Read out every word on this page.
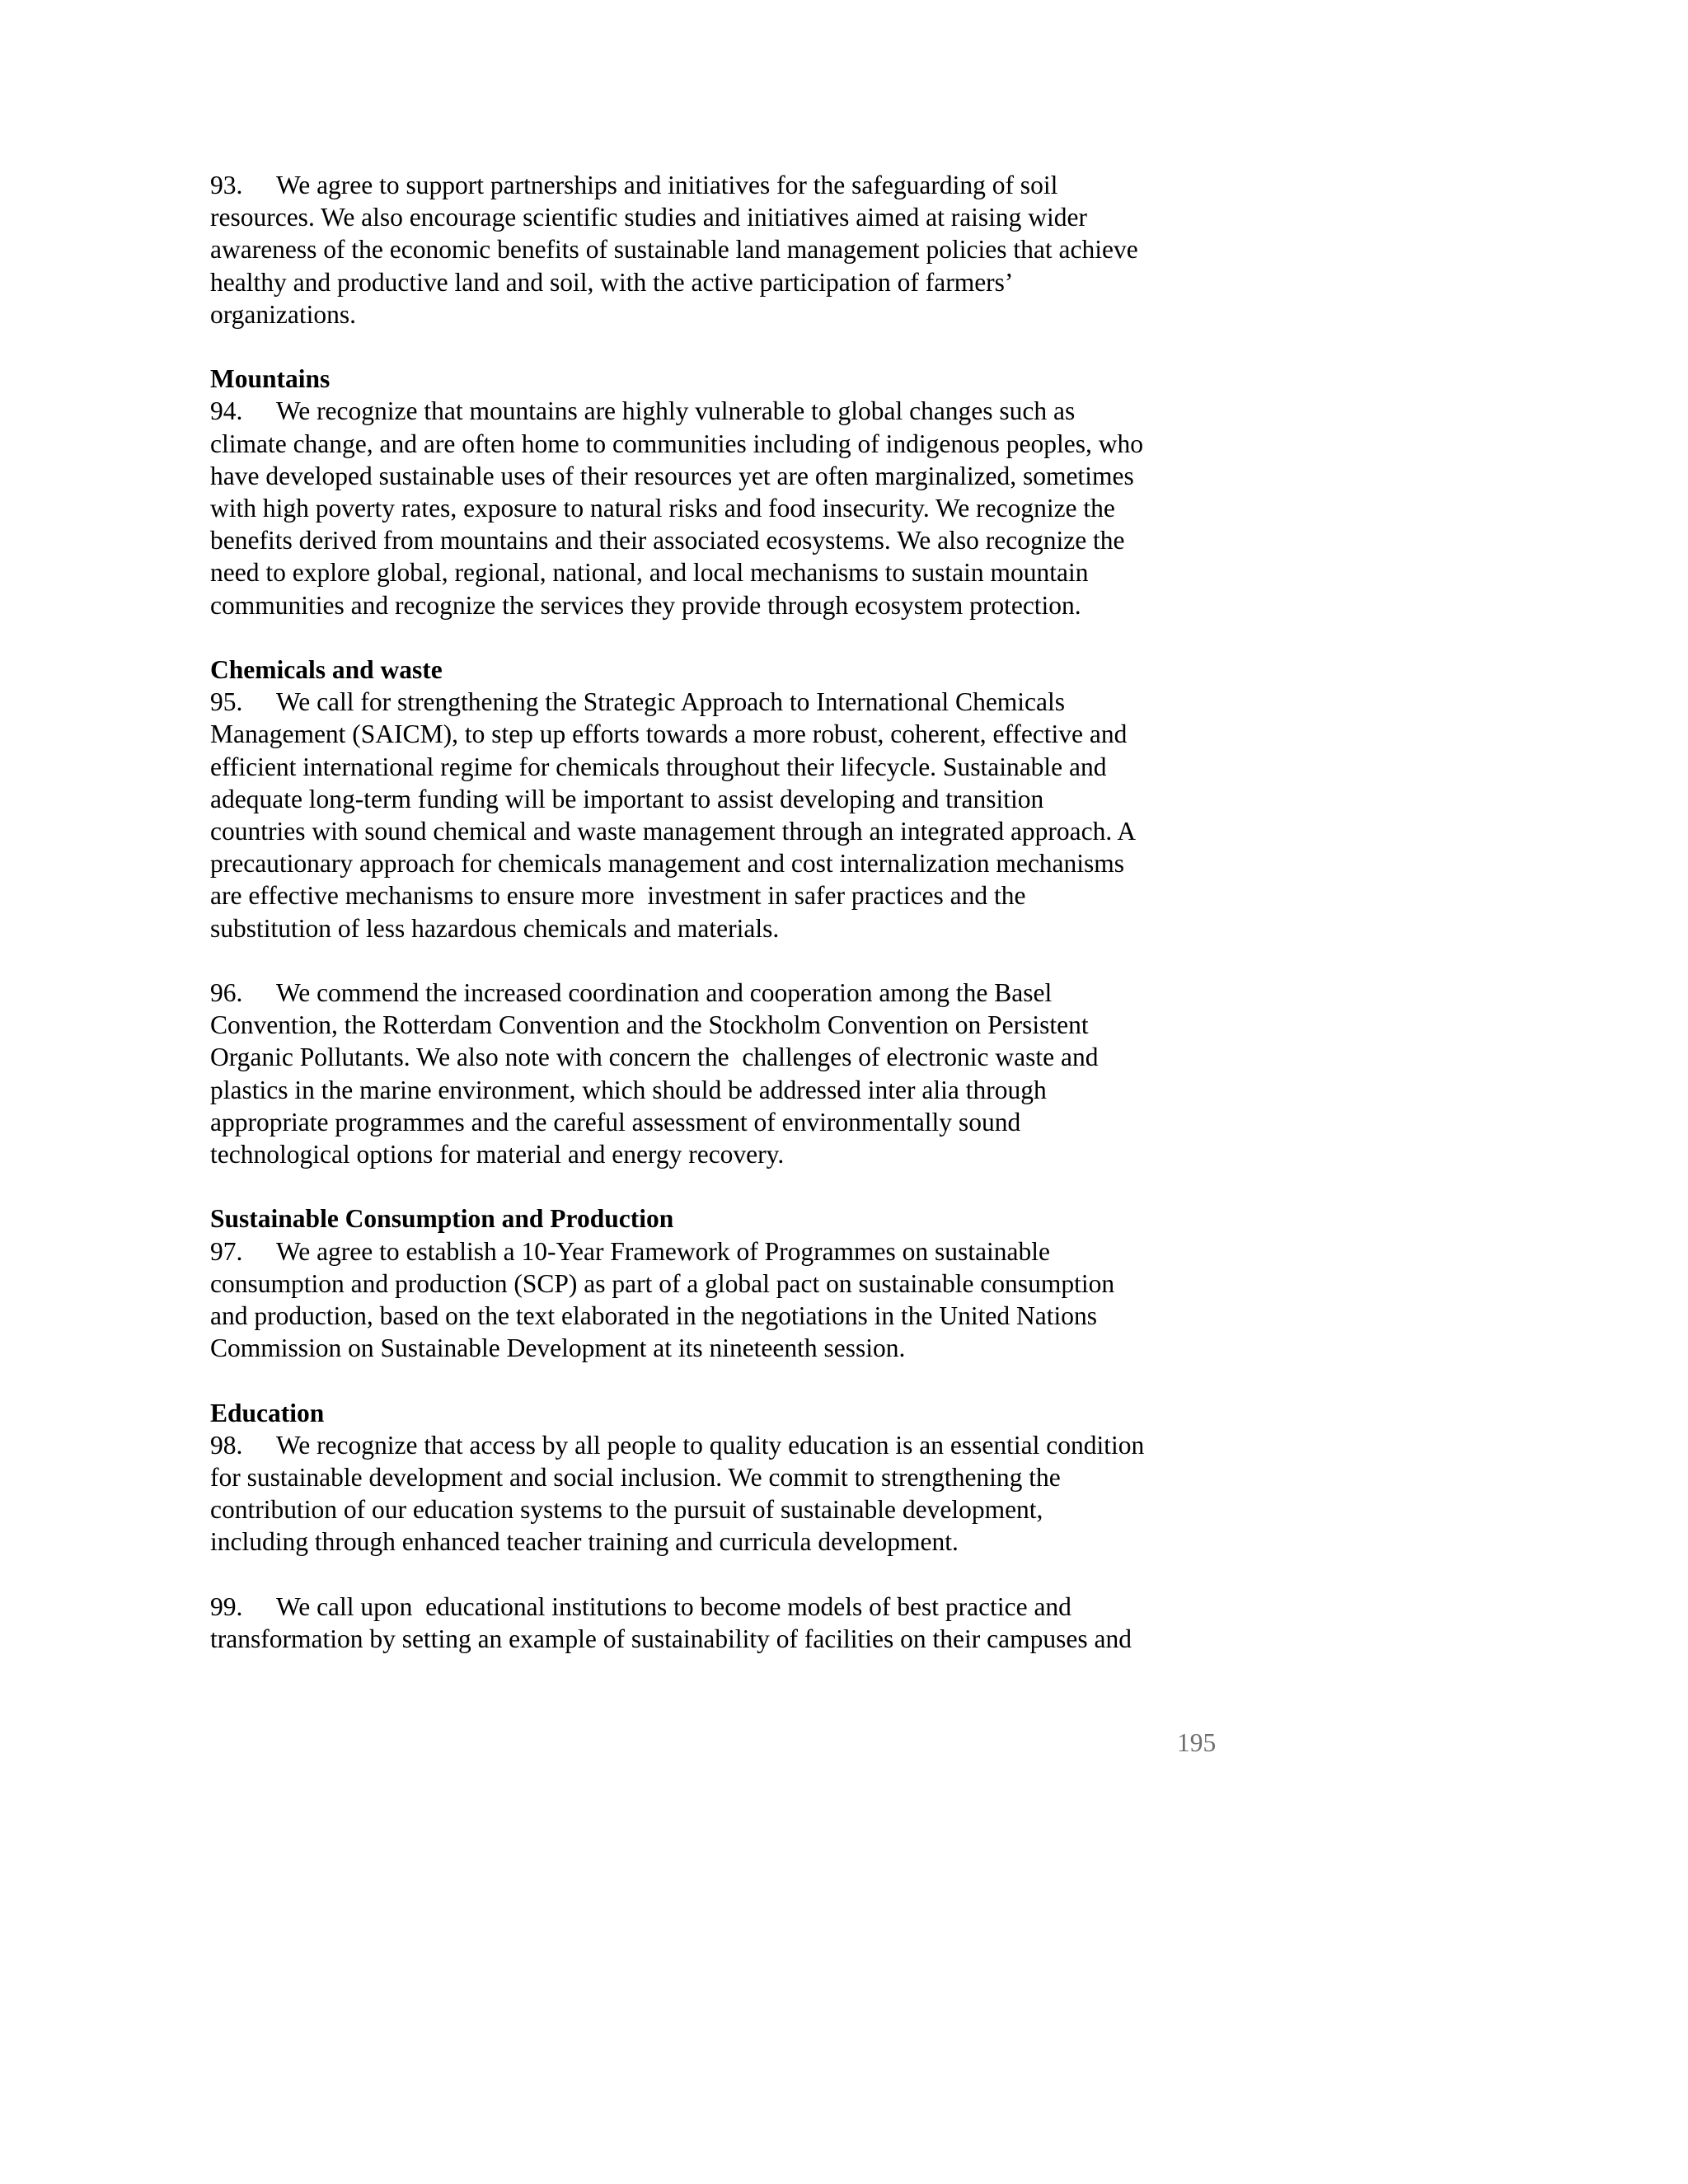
93. We agree to support partnerships and initiatives for the safeguarding of soil
resources. We also encourage scientific studies and initiatives aimed at raising wider
awareness of the economic benefits of sustainable land management policies that achieve
healthy and productive land and soil, with the active participation of farmers’
organizations.
Mountains
94. We recognize that mountains are highly vulnerable to global changes such as
climate change, and are often home to communities including of indigenous peoples, who
have developed sustainable uses of their resources yet are often marginalized, sometimes
with high poverty rates, exposure to natural risks and food insecurity. We recognize the
benefits derived from mountains and their associated ecosystems. We also recognize the
need to explore global, regional, national, and local mechanisms to sustain mountain
communities and recognize the services they provide through ecosystem protection.
Chemicals and waste
95. We call for strengthening the Strategic Approach to International Chemicals
Management (SAICM), to step up efforts towards a more robust, coherent, effective and
efficient international regime for chemicals throughout their lifecycle. Sustainable and
adequate long-term funding will be important to assist developing and transition
countries with sound chemical and waste management through an integrated approach. A
precautionary approach for chemicals management and cost internalization mechanisms
are effective mechanisms to ensure more  investment in safer practices and the
substitution of less hazardous chemicals and materials.
96. We commend the increased coordination and cooperation among the Basel
Convention, the Rotterdam Convention and the Stockholm Convention on Persistent
Organic Pollutants. We also note with concern the  challenges of electronic waste and
plastics in the marine environment, which should be addressed inter alia through
appropriate programmes and the careful assessment of environmentally sound
technological options for material and energy recovery.
Sustainable Consumption and Production
97. We agree to establish a 10-Year Framework of Programmes on sustainable
consumption and production (SCP) as part of a global pact on sustainable consumption
and production, based on the text elaborated in the negotiations in the United Nations
Commission on Sustainable Development at its nineteenth session.
Education
98. We recognize that access by all people to quality education is an essential condition
for sustainable development and social inclusion. We commit to strengthening the
contribution of our education systems to the pursuit of sustainable development,
including through enhanced teacher training and curricula development.
99. We call upon  educational institutions to become models of best practice and
transformation by setting an example of sustainability of facilities on their campuses and
195
